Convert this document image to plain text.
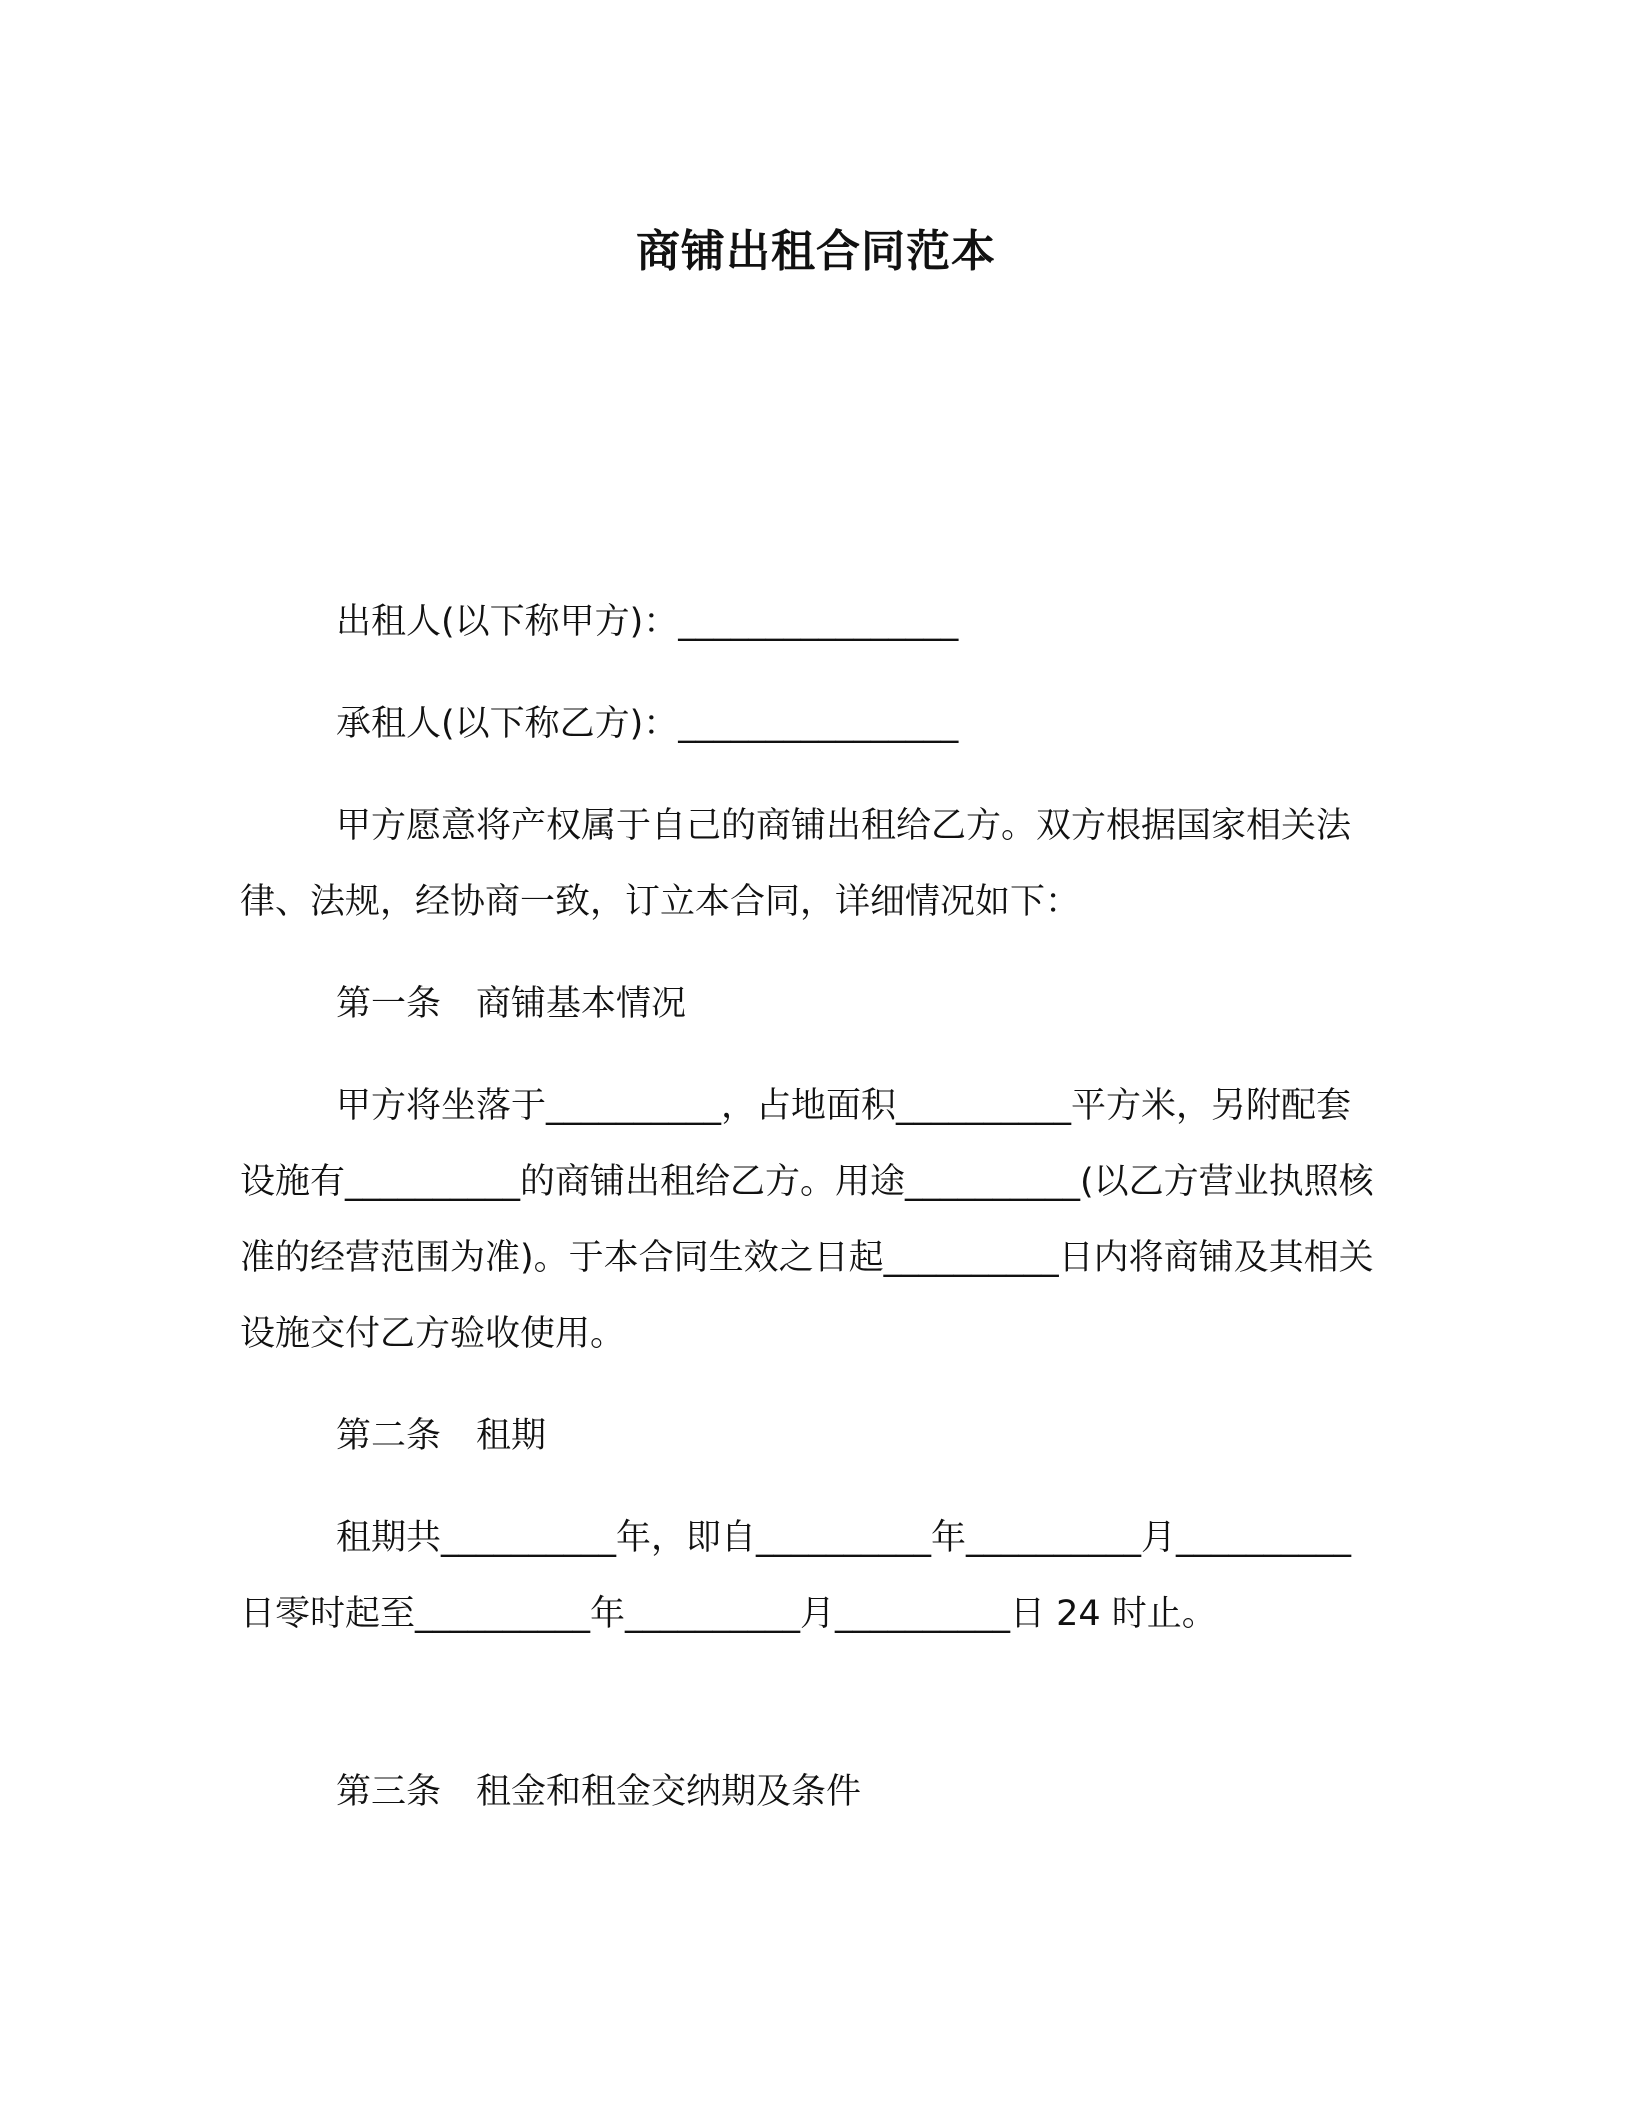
商铺出租合同范本
出租人(以下称甲方)：________________
承租人(以下称乙方)：________________
甲方愿意将产权属于自己的商铺出租给乙方。双方根据国家相关法律、法规，经协商一致，订立本合同，详细情况如下：
第一条　商铺基本情况
甲方将坐落于__________，占地面积__________平方米，另附配套设施有__________的商铺出租给乙方。用途__________(以乙方营业执照核准的经营范围为准)。于本合同生效之日起__________日内将商铺及其相关设施交付乙方验收使用。
第二条　租期
租期共__________年，即自__________年__________月__________日零时起至__________年__________月__________日 24 时止。
第三条　租金和租金交纳期及条件
